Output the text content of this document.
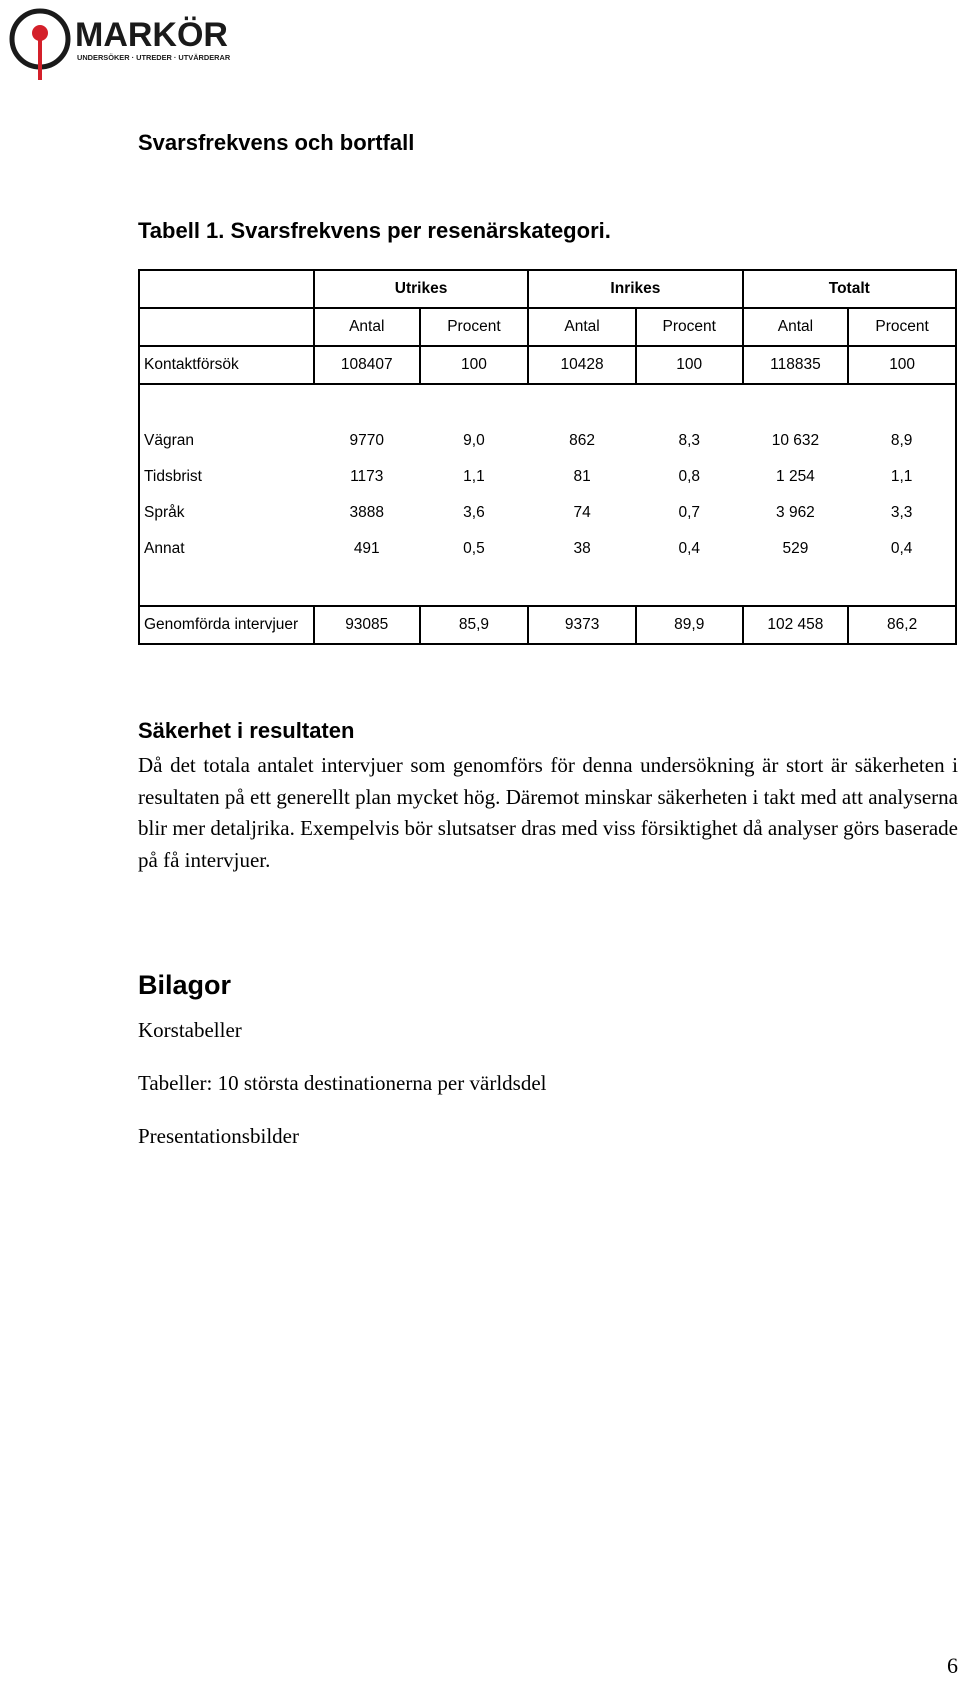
MARKÖR
UNDERSÖKER · UTREDER · UTVÄRDERAR
Svarsfrekvens och bortfall
Tabell 1. Svarsfrekvens per resenärskategori.
	Utrikes		Inrikes		Totalt	
	Antal	Procent	Antal	Procent	Antal	Procent
Kontaktförsök	108407	100	10428	100	118835	100

Vägran	9770	9,0	862	8,3	10 632	8,9
Tidsbrist	1173	1,1	81	0,8	1 254	1,1
Språk	3888	3,6	74	0,7	3 962	3,3
Annat	491	0,5	38	0,4	529	0,4

Genomförda intervjuer	93085	85,9	9373	89,9	102 458	86,2
Säkerhet i resultaten

Då det totala antalet intervjuer som genomförs för denna undersökning är stort är säkerheten i resultaten på ett generellt plan mycket hög. Däremot minskar säkerheten i takt med att analyserna blir mer detaljrika. Exempelvis bör slutsatser dras med viss försiktighet då analyser görs baserade på få intervjuer.

Bilagor

Korstabeller

Tabeller: 10 största destinationerna per världsdel

Presentationsbilder

6
